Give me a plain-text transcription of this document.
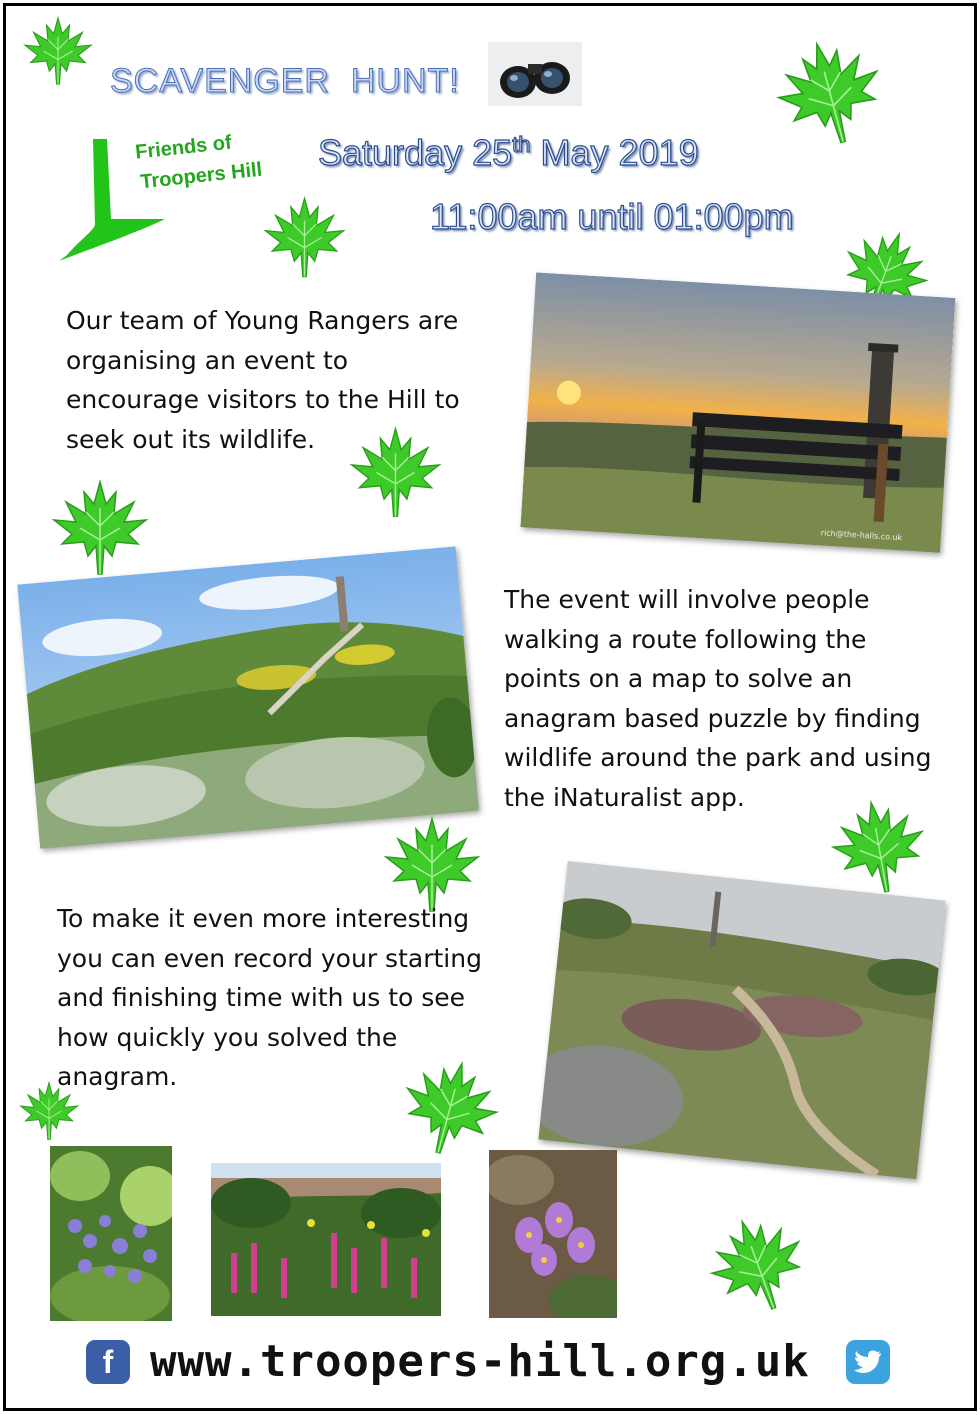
SCAVENGER  HUNT!
Friends of
Troopers Hill
Saturday 25th May 2019
11:00am until 01:00pm
Our team of Young Rangers are
organising an event to
encourage visitors to the Hill to
seek out its wildlife.
rich@the-halls.co.uk
The event will involve people
walking a route following the
points on a map to solve an
anagram based puzzle by finding
wildlife around the park and using
the iNaturalist app.
To make it even more interesting
you can even record your starting
and finishing time with us to see
how quickly you solved the
anagram.
f www.troopers-hill.org.uk
